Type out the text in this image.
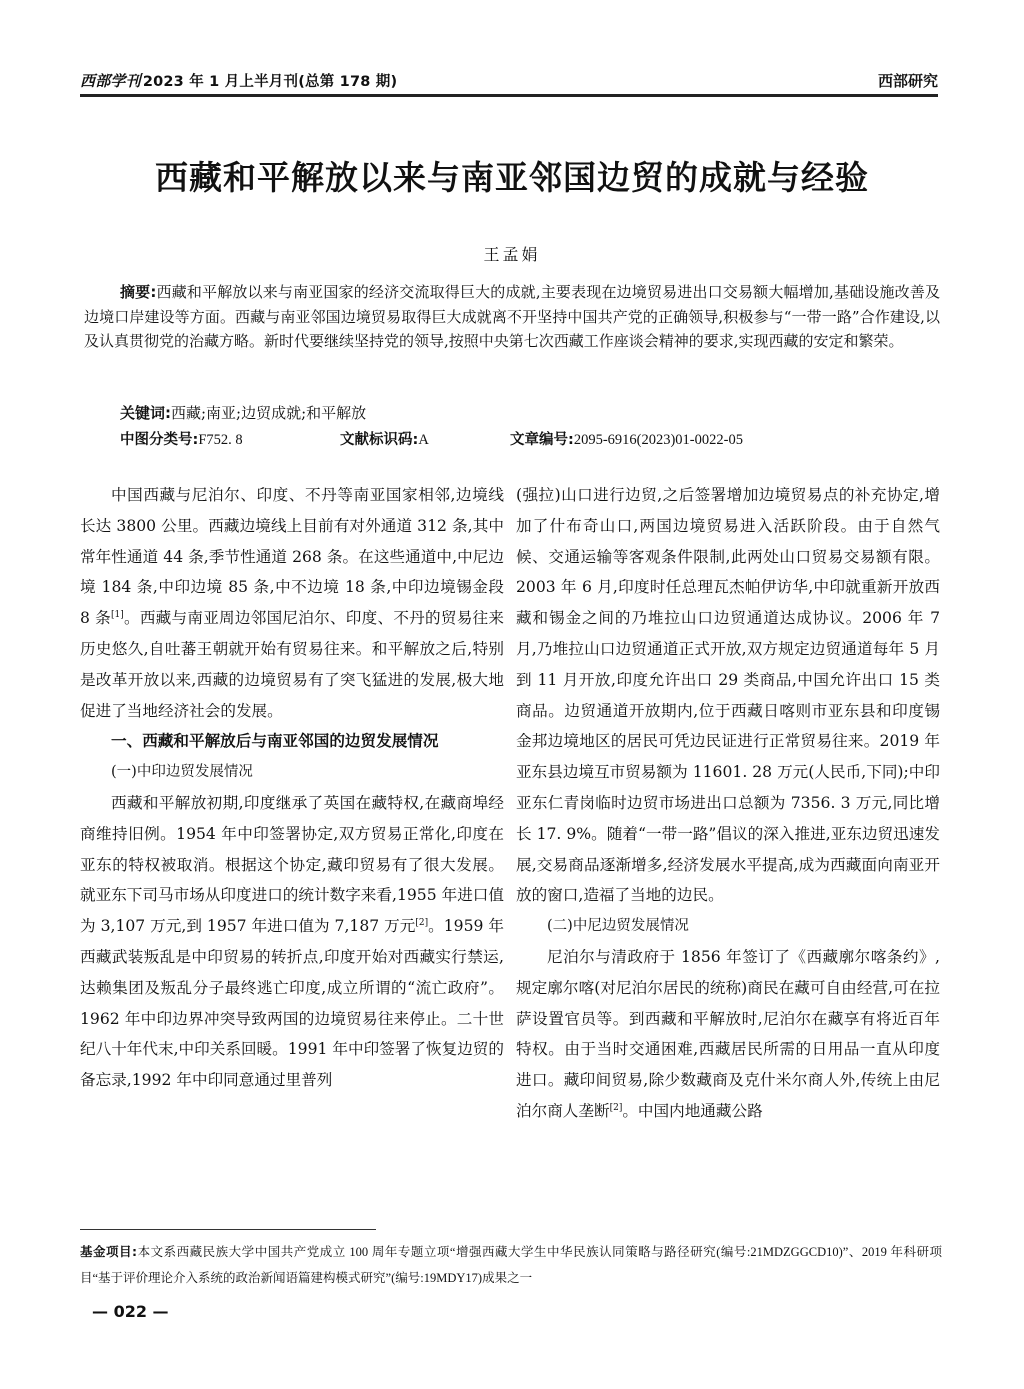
西部学刊 2023 年 1 月上半月刊(总第 178 期)	西部研究
西藏和平解放以来与南亚邻国边贸的成就与经验
王孟娟
摘要:西藏和平解放以来与南亚国家的经济交流取得巨大的成就,主要表现在边境贸易进出口交易额大幅增加,基础设施改善及边境口岸建设等方面。西藏与南亚邻国边境贸易取得巨大成就离不开坚持中国共产党的正确领导,积极参与“一带一路”合作建设,以及认真贯彻党的治藏方略。新时代要继续坚持党的领导,按照中央第七次西藏工作座谈会精神的要求,实现西藏的安定和繁荣。
关键词:西藏;南亚;边贸成就;和平解放
中图分类号:F752. 8	文献标识码:A	文章编号:2095-6916(2023)01-0022-05

中国西藏与尼泊尔、印度、不丹等南亚国家相邻,边境线长达 3800 公里。西藏边境线上目前有对外通道 312 条,其中常年性通道 44 条,季节性通道 268 条。在这些通道中,中尼边境 184 条,中印边境 85 条,中不边境 18 条,中印边境锡金段 8 条[1]。西藏与南亚周边邻国尼泊尔、印度、不丹的贸易往来历史悠久,自吐蕃王朝就开始有贸易往来。和平解放之后,特别是改革开放以来,西藏的边境贸易有了突飞猛进的发展,极大地促进了当地经济社会的发展。

一、西藏和平解放后与南亚邻国的边贸发展情况

(一)中印边贸发展情况

西藏和平解放初期,印度继承了英国在藏特权,在藏商埠经商维持旧例。1954 年中印签署协定,双方贸易正常化,印度在亚东的特权被取消。根据这个协定,藏印贸易有了很大发展。就亚东下司马市场从印度进口的统计数字来看,1955 年进口值为 3,107 万元,到 1957 年进口值为 7,187 万元[2]。1959 年西藏武装叛乱是中印贸易的转折点,印度开始对西藏实行禁运,达赖集团及叛乱分子最终逃亡印度,成立所谓的“流亡政府”。1962 年中印边界冲突导致两国的边境贸易往来停止。二十世纪八十年代末,中印关系回暖。1991 年中印签署了恢复边贸的备忘录,1992 年中印同意通过里普列

(强拉)山口进行边贸,之后签署增加边境贸易点的补充协定,增加了什布奇山口,两国边境贸易进入活跃阶段。由于自然气候、交通运输等客观条件限制,此两处山口贸易交易额有限。2003 年 6 月,印度时任总理瓦杰帕伊访华,中印就重新开放西藏和锡金之间的乃堆拉山口边贸通道达成协议。2006 年 7 月,乃堆拉山口边贸通道正式开放,双方规定边贸通道每年 5 月到 11 月开放,印度允许出口 29 类商品,中国允许出口 15 类商品。边贸通道开放期内,位于西藏日喀则市亚东县和印度锡金邦边境地区的居民可凭边民证进行正常贸易往来。2019 年亚东县边境互市贸易额为 11601. 28 万元(人民币,下同);中印亚东仁青岗临时边贸市场进出口总额为 7356. 3 万元,同比增长 17. 9%。随着“一带一路”倡议的深入推进,亚东边贸迅速发展,交易商品逐渐增多,经济发展水平提高,成为西藏面向南亚开放的窗口,造福了当地的边民。

(二)中尼边贸发展情况

尼泊尔与清政府于 1856 年签订了《西藏廓尔喀条约》,规定廓尔喀(对尼泊尔居民的统称)商民在藏可自由经营,可在拉萨设置官员等。到西藏和平解放时,尼泊尔在藏享有将近百年特权。由于当时交通困难,西藏居民所需的日用品一直从印度进口。藏印间贸易,除少数藏商及克什米尔商人外,传统上由尼泊尔商人垄断[2]。中国内地通藏公路

基金项目:本文系西藏民族大学中国共产党成立 100 周年专题立项“增强西藏大学生中华民族认同策略与路径研究(编号:21MDZGGCD10)”、2019 年科研项目“基于评价理论介入系统的政治新闻语篇建构模式研究”(编号:19MDY17)成果之一
— 022 —
